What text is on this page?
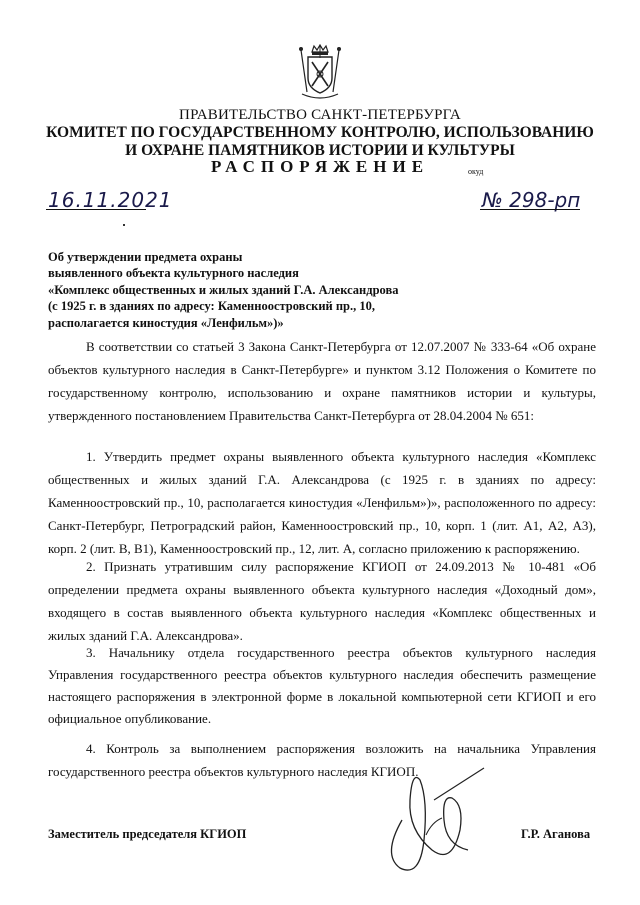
ПРАВИТЕЛЬСТВО САНКТ-ПЕТЕРБУРГА
КОМИТЕТ ПО ГОСУДАРСТВЕННОМУ КОНТРОЛЮ, ИСПОЛЬЗОВАНИЮ
И ОХРАНЕ ПАМЯТНИКОВ ИСТОРИИ И КУЛЬТУРЫ
РАСПОРЯЖЕНИЕ	окуд
16.11.2021	№ 298-рп
Об утверждении предмета охраны
выявленного объекта культурного наследия
«Комплекс общественных и жилых зданий Г.А. Александрова
(с 1925 г. в зданиях по адресу: Каменноостровский пр., 10,
располагается киностудия «Ленфильм»)»

В соответствии со статьей 3 Закона Санкт-Петербурга от 12.07.2007 № 333-64 «Об охране объектов культурного наследия в Санкт-Петербурге» и пунктом 3.12 Положения о Комитете по государственному контролю, использованию и охране памятников истории и культуры, утвержденного постановлением Правительства Санкт-Петербурга от 28.04.2004 № 651:

1. Утвердить предмет охраны выявленного объекта культурного наследия «Комплекс общественных и жилых зданий Г.А. Александрова (с 1925 г. в зданиях по адресу: Каменноостровский пр., 10, располагается киностудия «Ленфильм»)», расположенного по адресу: Санкт-Петербург, Петроградский район, Каменноостровский пр., 10, корп. 1 (лит. А1, А2, А3), корп. 2 (лит. В, В1), Каменноостровский пр., 12, лит. А, согласно приложению к распоряжению.

2. Признать утратившим силу распоряжение КГИОП от 24.09.2013 № 10-481 «Об определении предмета охраны выявленного объекта культурного наследия «Доходный дом», входящего в состав выявленного объекта культурного наследия «Комплекс общественных и жилых зданий Г.А. Александрова».

3. Начальнику отдела государственного реестра объектов культурного наследия Управления государственного реестра объектов культурного наследия обеспечить размещение настоящего распоряжения в электронной форме в локальной компьютерной сети КГИОП и его официальное опубликование.

4. Контроль за выполнением распоряжения возложить на начальника Управления государственного реестра объектов культурного наследия КГИОП.

Заместитель председателя КГИОП	Г.Р. Аганова
